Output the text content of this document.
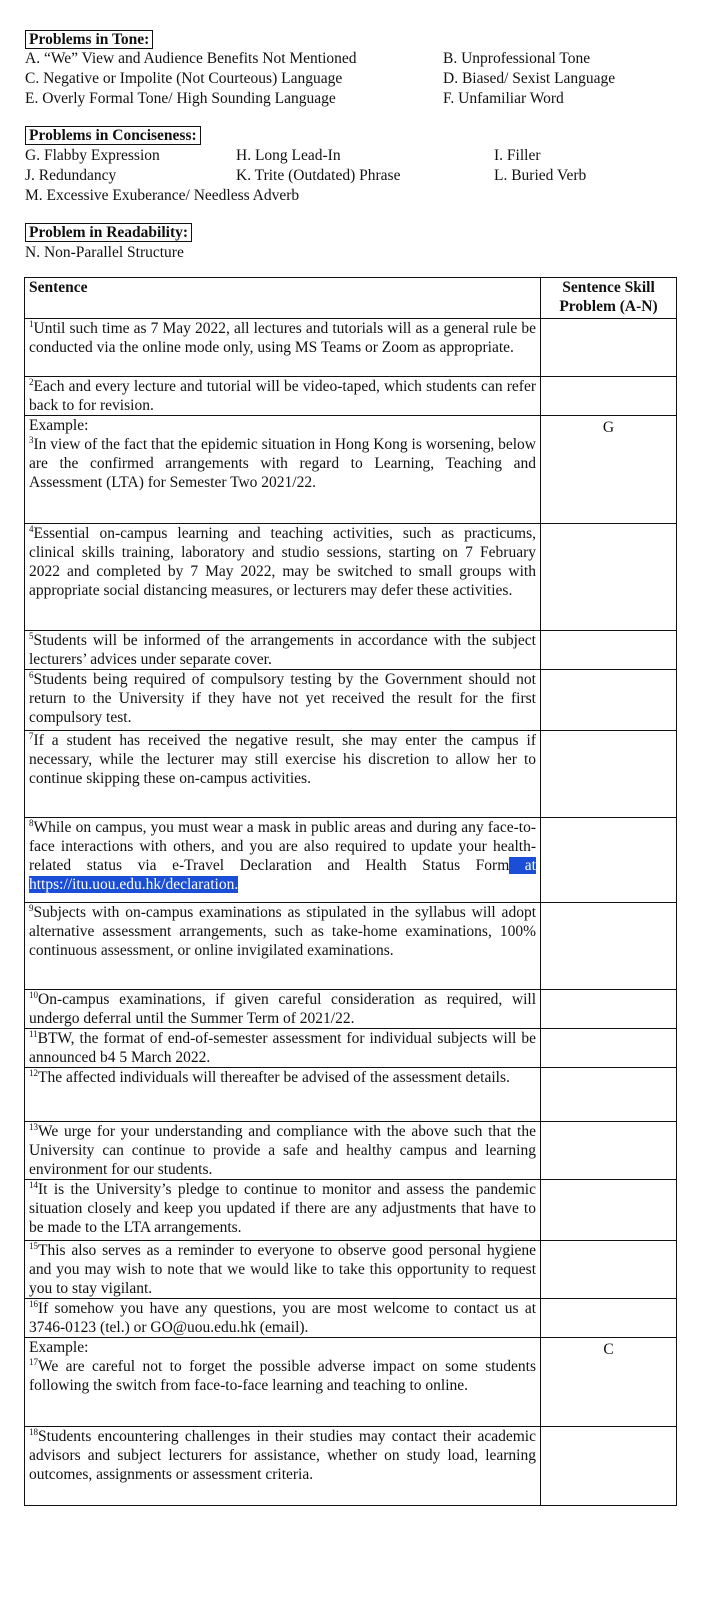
Problems in Tone:
A. “We” View and Audience Benefits Not Mentioned	B. Unprofessional Tone
C. Negative or Impolite (Not Courteous) Language	D. Biased/ Sexist Language
E. Overly Formal Tone/ High Sounding Language	F. Unfamiliar Word
Problems in Conciseness:
G. Flabby Expression	H. Long Lead-In	I. Filler
J. Redundancy	K. Trite (Outdated) Phrase	L. Buried Verb
M. Excessive Exuberance/ Needless Adverb
Problem in Readability:
N. Non-Parallel Structure
Sentence	Sentence Skill Problem (A-N)

$^1$Until such time as 7 May 2022, all lectures and tutorials will as a general rule be conducted via the online mode only, using MS Teams or Zoom as appropriate.	

$^2$Each and every lecture and tutorial will be video-taped, which students can refer back to for revision.	

Example:
$^3$In view of the fact that the epidemic situation in Hong Kong is worsening, below are the confirmed arrangements with regard to Learning, Teaching and Assessment (LTA) for Semester Two 2021/22.	G

$^4$Essential on-campus learning and teaching activities, such as practicums, clinical skills training, laboratory and studio sessions, starting on 7 February 2022 and completed by 7 May 2022, may be switched to small groups with appropriate social distancing measures, or lecturers may defer these activities.	

$^5$Students will be informed of the arrangements in accordance with the subject lecturers’ advices under separate cover.	

$^6$Students being required of compulsory testing by the Government should not return to the University if they have not yet received the result for the first compulsory test.	

$^7$If a student has received the negative result, she may enter the campus if necessary, while the lecturer may still exercise his discretion to allow her to continue skipping these on-campus activities.	

$^8$While on campus, you must wear a mask in public areas and during any face-to-face interactions with others, and you are also required to update your health-related status via e-Travel Declaration and Health Status Form at https://itu.uou.edu.hk/declaration.	

$^9$Subjects with on-campus examinations as stipulated in the syllabus will adopt alternative assessment arrangements, such as take-home examinations, 100% continuous assessment, or online invigilated examinations.	

$^{10}$On-campus examinations, if given careful consideration as required, will undergo deferral until the Summer Term of 2021/22.	

$^{11}$BTW, the format of end-of-semester assessment for individual subjects will be announced b4 5 March 2022.	

$^{12}$The affected individuals will thereafter be advised of the assessment details.	

$^{13}$We urge for your understanding and compliance with the above such that the University can continue to provide a safe and healthy campus and learning environment for our students.	

$^{14}$It is the University’s pledge to continue to monitor and assess the pandemic situation closely and keep you updated if there are any adjustments that have to be made to the LTA arrangements.	

$^{15}$This also serves as a reminder to everyone to observe good personal hygiene and you may wish to note that we would like to take this opportunity to request you to stay vigilant.	

$^{16}$If somehow you have any questions, you are most welcome to contact us at 3746-0123 (tel.) or GO@uou.edu.hk (email).	

Example:
$^{17}$We are careful not to forget the possible adverse impact on some students following the switch from face-to-face learning and teaching to online.	C

$^{18}$Students encountering challenges in their studies may contact their academic advisors and subject lecturers for assistance, whether on study load, learning outcomes, assignments or assessment criteria.	
